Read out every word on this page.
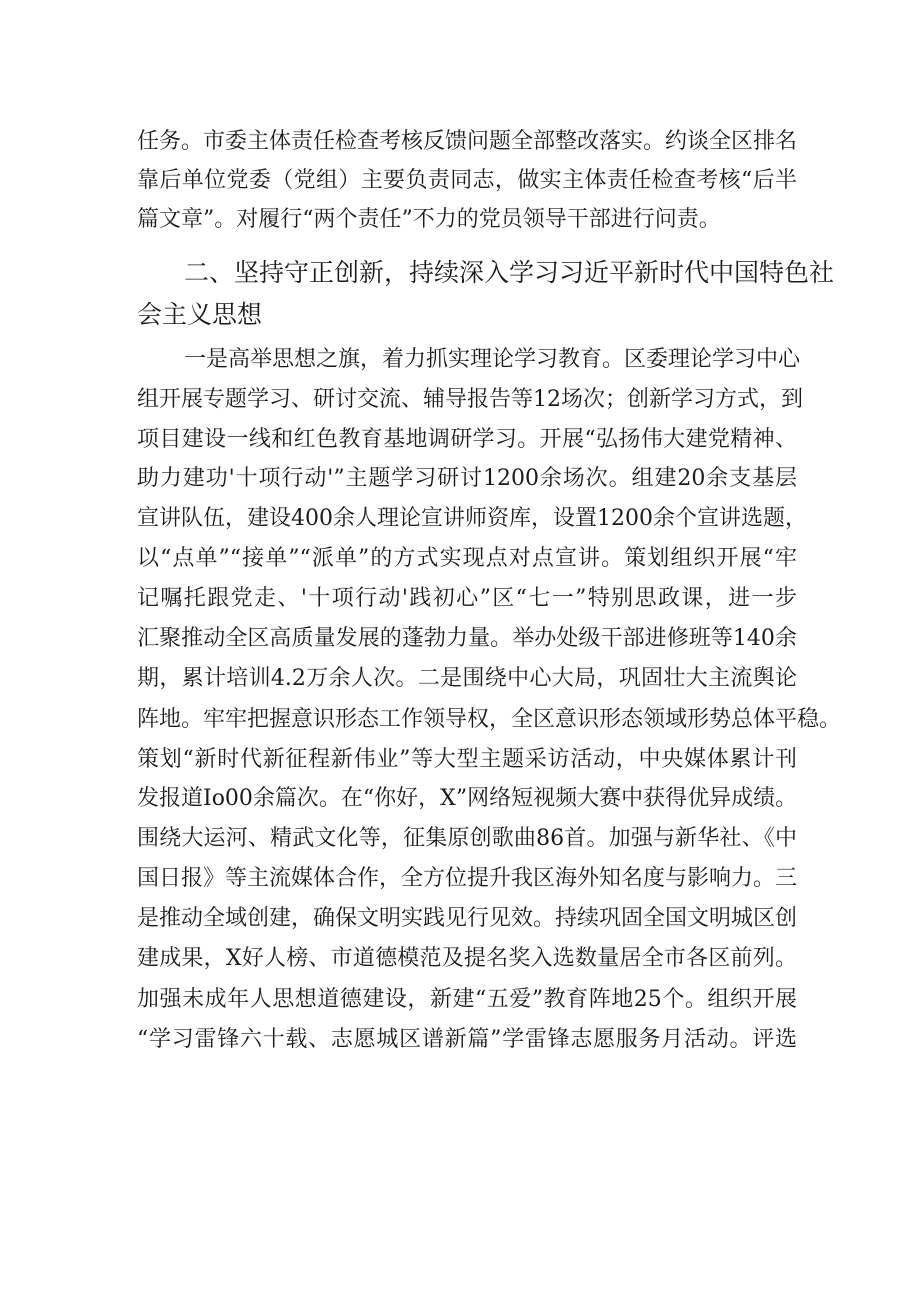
任务。市委主体责任检查考核反馈问题全部整改落实。约谈全区排名
靠后单位党委（党组）主要负责同志，做实主体责任检查考核“后半
篇文章”。对履行“两个责任”不力的党员领导干部进行问责。
二、坚持守正创新，持续深入学习习近平新时代中国特色社
会主义思想
一是高举思想之旗，着力抓实理论学习教育。区委理论学习中心
组开展专题学习、研讨交流、辅导报告等12场次；创新学习方式，到
项目建设一线和红色教育基地调研学习。开展“弘扬伟大建党精神、
助力建功'十项行动'”主题学习研讨1200余场次。组建20余支基层
宣讲队伍，建设400余人理论宣讲师资库，设置1200余个宣讲选题，
以“点单”“接单”“派单”的方式实现点对点宣讲。策划组织开展“牢
记嘱托跟党走、'十项行动'践初心”区“七一”特别思政课，进一步
汇聚推动全区高质量发展的蓬勃力量。举办处级干部进修班等140余
期，累计培训4.2万余人次。二是围绕中心大局，巩固壮大主流舆论
阵地。牢牢把握意识形态工作领导权，全区意识形态领域形势总体平稳。
策划“新时代新征程新伟业”等大型主题采访活动，中央媒体累计刊
发报道Io00余篇次。在“你好，X”网络短视频大赛中获得优异成绩。
围绕大运河、精武文化等，征集原创歌曲86首。加强与新华社、《中
国日报》等主流媒体合作，全方位提升我区海外知名度与影响力。三
是推动全域创建，确保文明实践见行见效。持续巩固全国文明城区创
建成果，X好人榜、市道德模范及提名奖入选数量居全市各区前列。
加强未成年人思想道德建设，新建“五爱”教育阵地25个。组织开展
“学习雷锋六十载、志愿城区谱新篇”学雷锋志愿服务月活动。评选
